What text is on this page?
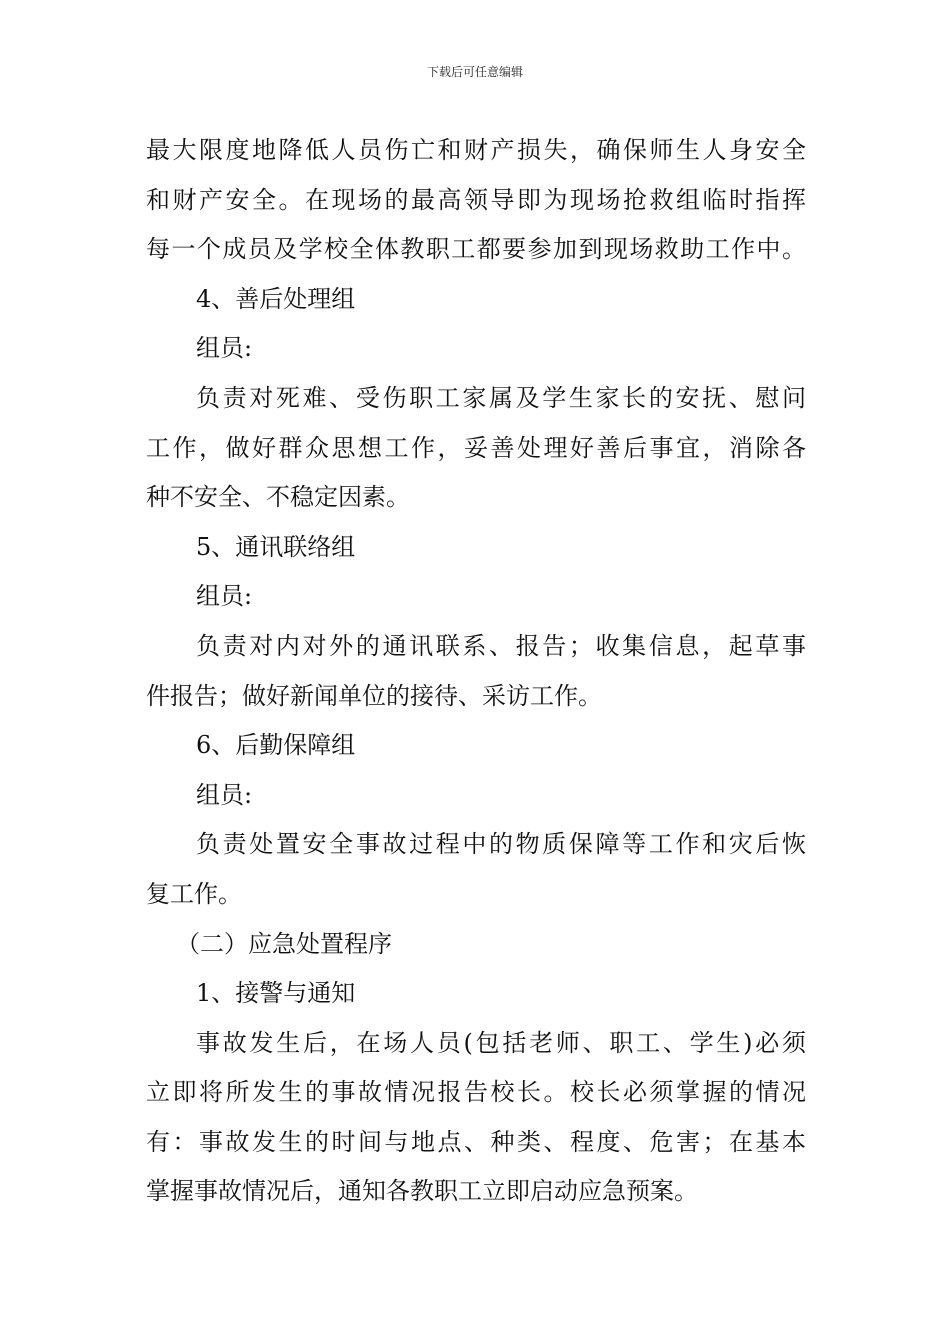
下载后可任意编辑
最大限度地降低人员伤亡和财产损失，确保师生人身安全
和财产安全。在现场的最高领导即为现场抢救组临时指挥
每一个成员及学校全体教职工都要参加到现场救助工作中。
4、善后处理组
组员:
负责对死难、受伤职工家属及学生家长的安抚、慰问
工作，做好群众思想工作，妥善处理好善后事宜，消除各
种不安全、不稳定因素。
5、通讯联络组
组员:
负责对内对外的通讯联系、报告；收集信息，起草事
件报告；做好新闻单位的接待、采访工作。
6、后勤保障组
组员:
负责处置安全事故过程中的物质保障等工作和灾后恢
复工作。
（二）应急处置程序
1、接警与通知
事故发生后，在场人员(包括老师、职工、学生)必须
立即将所发生的事故情况报告校长。校长必须掌握的情况
有：事故发生的时间与地点、种类、程度、危害；在基本
掌握事故情况后，通知各教职工立即启动应急预案。
